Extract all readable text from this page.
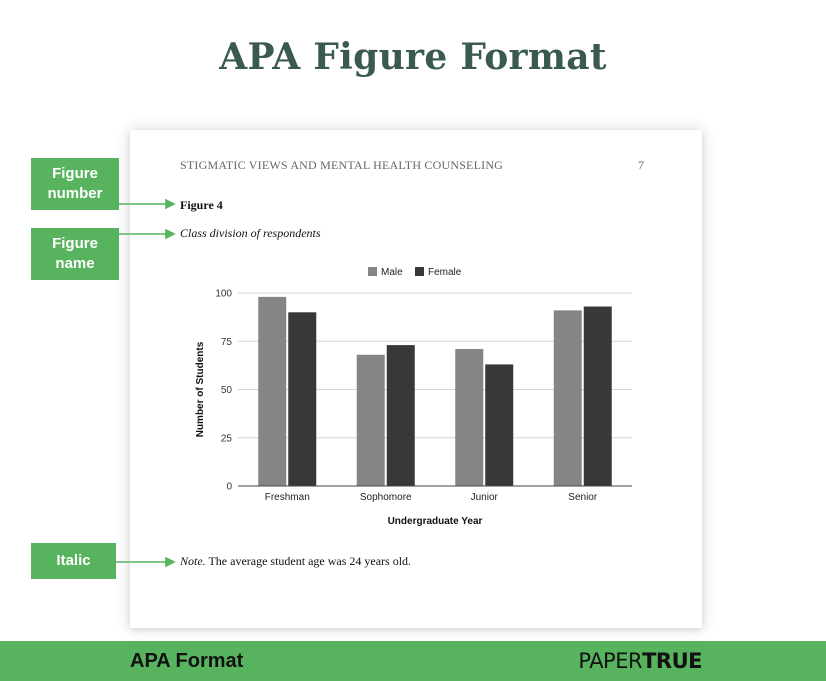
APA Figure Format
STIGMATIC VIEWS AND MENTAL HEALTH COUNSELING	7
Figure 4
Class division of respondents
Male	Female
0
25
50
75
100
Freshman	Sophomore	Junior	Senior
Undergraduate Year
Number of Students
Note. The average student age was 24 years old.
Figure number
Figure name
Italic
APA Format	PAPERTRUE
